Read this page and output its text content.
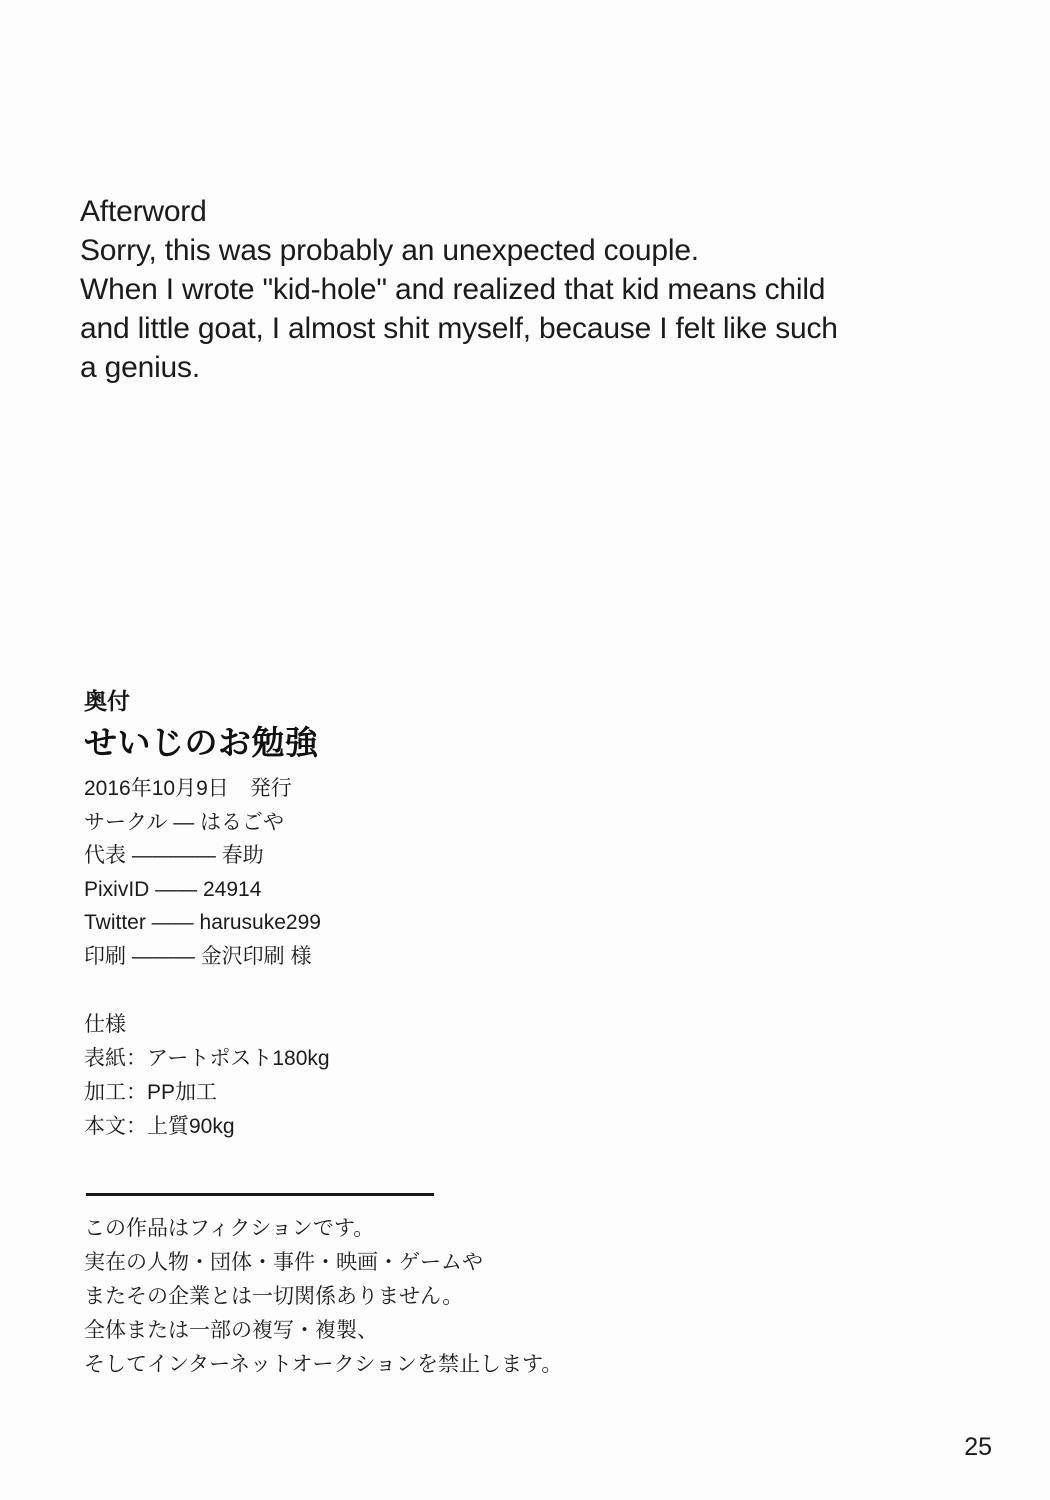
Afterword
Sorry, this was probably an unexpected couple.
When I wrote "kid-hole" and realized that kid means child
and little goat, I almost shit myself, because I felt like such
a genius.
奥付
せいじのお勉強
2016年10月9日　発行
サークル ― はるごや
代表 ―――― 春助
PixivID ―― 24914
Twitter ―― harusuke299
印刷 ――― 金沢印刷 様
仕様
表紙：アートポスト180kg
加工：PP加工
本文：上質90kg
この作品はフィクションです。
実在の人物・団体・事件・映画・ゲームや
またその企業とは一切関係ありません。
全体または一部の複写・複製、
そしてインターネットオークションを禁止します。
25
